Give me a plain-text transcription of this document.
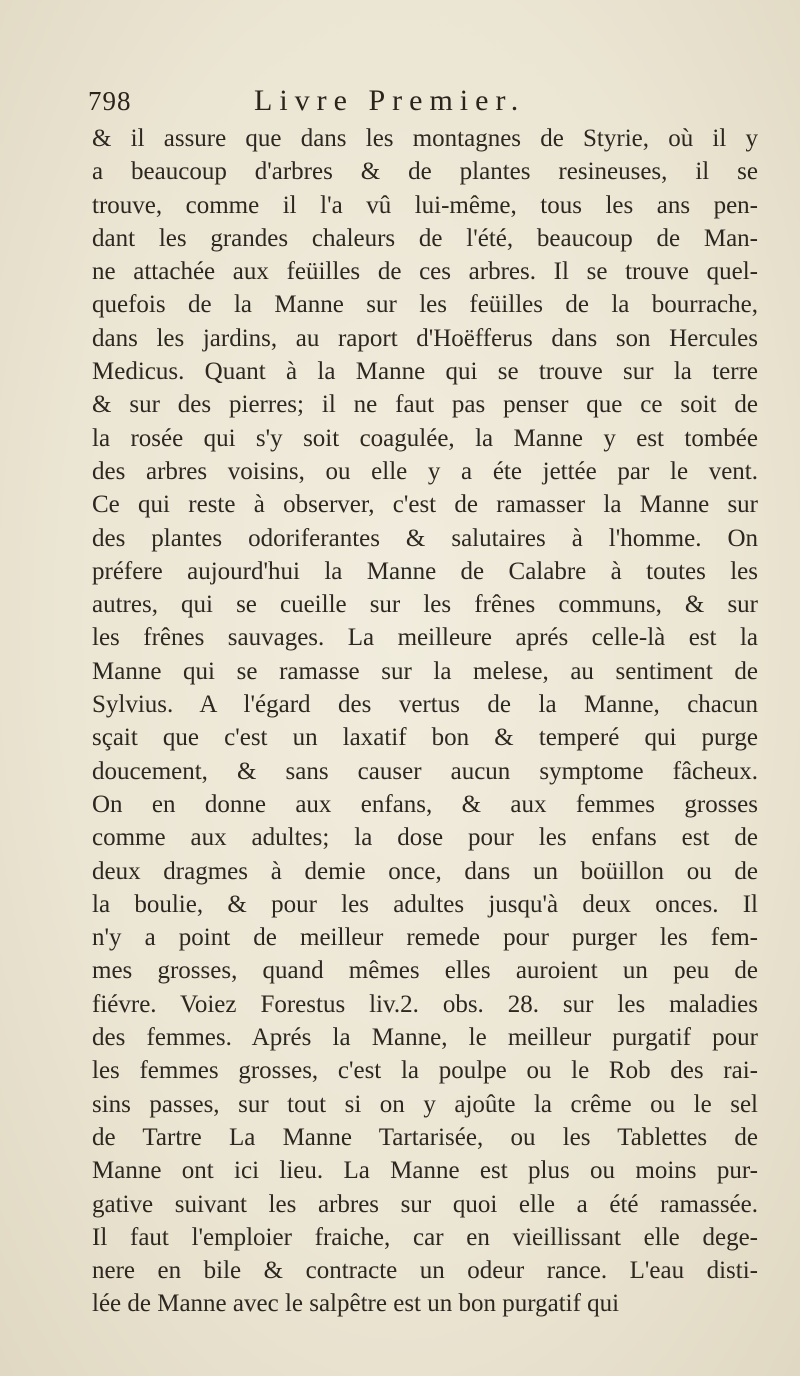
798	Livre Premier.
& il assure que dans les montagnes de Styrie, où il y
a beaucoup d'arbres & de plantes resineuses, il se
trouve, comme il l'a vû lui-même, tous les ans pen-
dant les grandes chaleurs de l'été, beaucoup de Man-
ne attachée aux feüilles de ces arbres. Il se trouve quel-
quefois de la Manne sur les feüilles de la bourrache,
dans les jardins, au raport d'Hoëfferus dans son Hercules
Medicus. Quant à la Manne qui se trouve sur la terre
& sur des pierres; il ne faut pas penser que ce soit de
la rosée qui s'y soit coagulée, la Manne y est tombée
des arbres voisins, ou elle y a éte jettée par le vent.
Ce qui reste à observer, c'est de ramasser la Manne sur
des plantes odoriferantes & salutaires à l'homme. On
préfere aujourd'hui la Manne de Calabre à toutes les
autres, qui se cueille sur les frênes communs, & sur
les frênes sauvages. La meilleure aprés celle-là est la
Manne qui se ramasse sur la melese, au sentiment de
Sylvius. A l'égard des vertus de la Manne, chacun
sçait que c'est un laxatif bon & temperé qui purge
doucement, & sans causer aucun symptome fâcheux.
On en donne aux enfans, & aux femmes grosses
comme aux adultes; la dose pour les enfans est de
deux dragmes à demie once, dans un boüillon ou de
la boulie, & pour les adultes jusqu'à deux onces. Il
n'y a point de meilleur remede pour purger les fem-
mes grosses, quand mêmes elles auroient un peu de
fiévre. Voiez Forestus liv.2. obs. 28. sur les maladies
des femmes. Aprés la Manne, le meilleur purgatif pour
les femmes grosses, c'est la poulpe ou le Rob des rai-
sins passes, sur tout si on y ajoûte la crême ou le sel
de Tartre La Manne Tartarisée, ou les Tablettes de
Manne ont ici lieu. La Manne est plus ou moins pur-
gative suivant les arbres sur quoi elle a été ramassée.
Il faut l'emploier fraiche, car en vieillissant elle dege-
nere en bile & contracte un odeur rance. L'eau disti-
lée de Manne avec le salpêtre est un bon purgatif qui
